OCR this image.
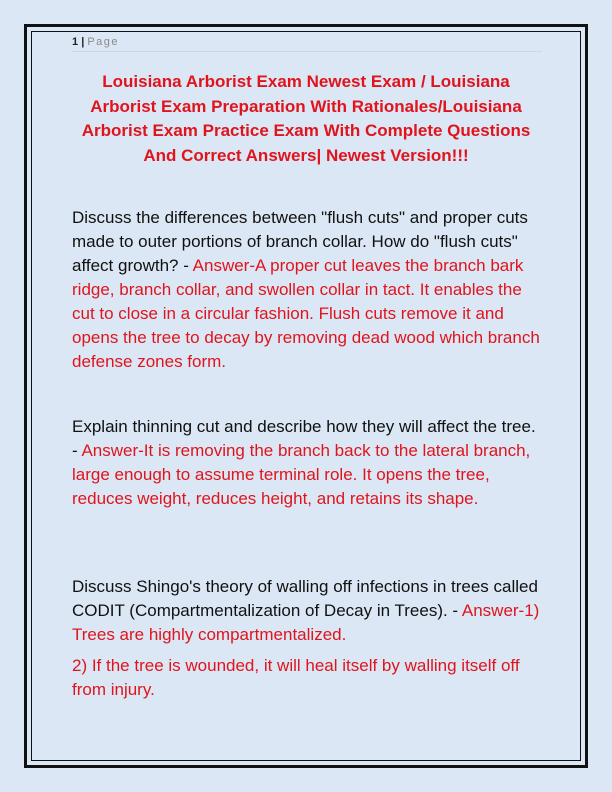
1 | Page
Louisiana Arborist Exam Newest Exam / Louisiana Arborist Exam Preparation With Rationales/Louisiana Arborist Exam Practice Exam With Complete Questions And Correct Answers| Newest Version!!!

Discuss the differences between "flush cuts" and proper cuts made to outer portions of branch collar. How do "flush cuts" affect growth? - Answer-A proper cut leaves the branch bark ridge, branch collar, and swollen collar in tact. It enables the cut to close in a circular fashion. Flush cuts remove it and opens the tree to decay by removing dead wood which branch defense zones form.

Explain thinning cut and describe how they will affect the tree. - Answer-It is removing the branch back to the lateral branch, large enough to assume terminal role. It opens the tree, reduces weight, reduces height, and retains its shape.

Discuss Shingo's theory of walling off infections in trees called CODIT (Compartmentalization of Decay in Trees). - Answer-1) Trees are highly compartmentalized.

2) If the tree is wounded, it will heal itself by walling itself off from injury.
